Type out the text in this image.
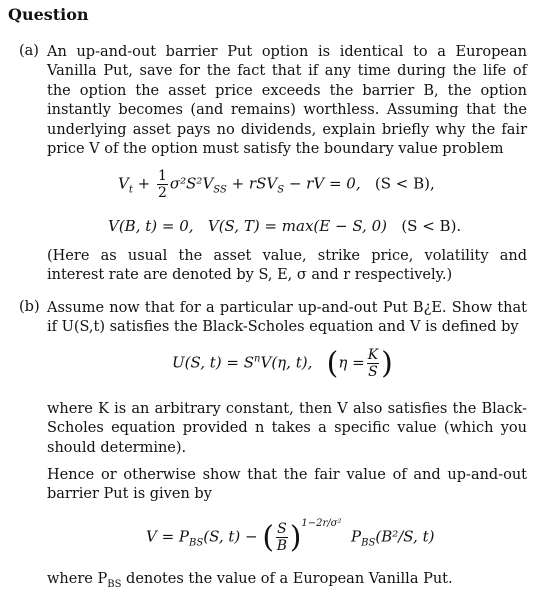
Question
(a) An up-and-out barrier Put option is identical to a European Vanilla Put, save for the fact that if any time during the life of the option the asset price exceeds the barrier B, the option instantly becomes (and remains) worthless. Assuming that the underlying asset pays no dividends, explain briefly why the fair price V of the option must satisfy the boundary value problem
$V_t + \frac{1}{2} \sigma^2S^2V_{SS} + rSV_S$ − rV = 0, (S < B),
V(B, t) = 0, V(S, T) = max(E − S, 0) (S < B).
(Here as usual the asset value, strike price, volatility and interest rate are denoted by S, E, σ and r respectively.)
(b) Assume now that for a particular up-and-out Put B¿E. Show that if U(S,t) satisfies the Black-Scholes equation and V is defined by
U(S, $t) = S^nV(\eta$, t), ($\eta = \frac{K}{S}$ )
where K is an arbitrary constant, then V also satisfies the Black-Scholes equation provided n takes a specific value (which you should determine).
Hence or otherwise show that the fair value of and up-and-out barrier Put is given by
$V = P_{BS}(S$, t) − ( $\frac{S}{B} )^{1-2r/\sigma^2}$  $P_{BS}(B^2/S$, t)
where $P_{BS}$ denotes the value of a European Vanilla Put.
